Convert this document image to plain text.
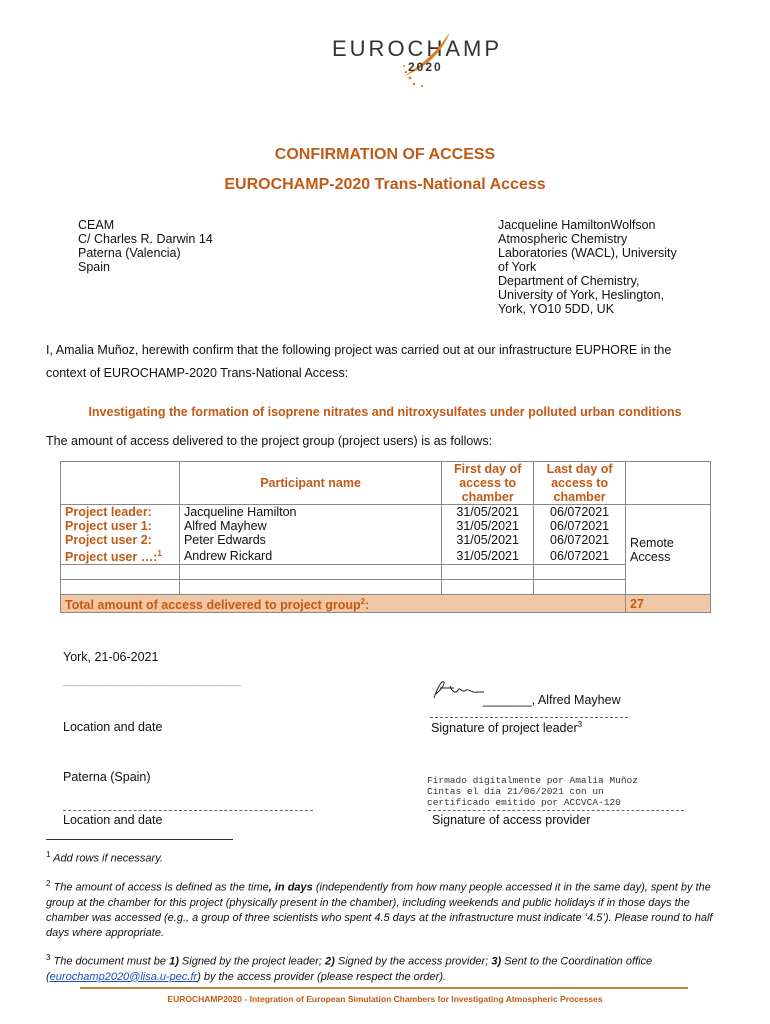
EUROCHAMP
2020
CONFIRMATION OF ACCESS
EUROCHAMP-2020 Trans-National Access
CEAM
C/ Charles R. Darwin 14
Paterna (Valencia)
Spain
Jacqueline HamiltonWolfson
Atmospheric Chemistry
Laboratories (WACL), University
of York
Department of Chemistry,
University of York, Heslington,
York, YO10 5DD, UK
I, Amalia Muñoz, herewith confirm that the following project was carried out at our infrastructure EUPHORE in the
context of EUROCHAMP-2020 Trans-National Access:
Investigating the formation of isoprene nitrates and nitroxysulfates under polluted urban conditions
The amount of access delivered to the project group (project users) is as follows:
	Participant name	First day of access to chamber	Last day of access to chamber	
Project leader:	Jacqueline Hamilton	31/05/2021	06/072021	Remote Access

Project user 1:	Alfred Mayhew	31/05/2021	06/072021	
Project user 2:	Peter Edwards	31/05/2021	06/072021	
Project user …:$^1$	Andrew Rickard	31/05/2021	06/072021	

Total amount of access delivered to project group$^2$:				27
York, 21-06-2021
________________________________
_______, Alfred Mayhew
Location and date	Signature of project leader$^3$
Paterna (Spain)	Firmado digitalmente por Amalia Muñoz
Cintas el día 21/06/2021 con un
certificado emitido por ACCVCA-120
Location and date	Signature of access provider
$^1$ Add rows if necessary.
$^2$ The amount of access is defined as the time, in days (independently from how many people accessed it in the same day), spent by the group at the chamber for this project (physically present in the chamber), including weekends and public holidays if in those days the chamber was accessed (e.g., a group of three scientists who spent 4.5 days at the infrastructure must indicate ‘4.5’). Please round to half days where appropriate.
$^3$ The document must be 1) Signed by the project leader; 2) Signed by the access provider; 3) Sent to the Coordination office (eurochamp2020@lisa.u-pec.fr) by the access provider (please respect the order).
EUROCHAMP2020 - Integration of European Simulation Chambers for Investigating Atmospheric Processes
